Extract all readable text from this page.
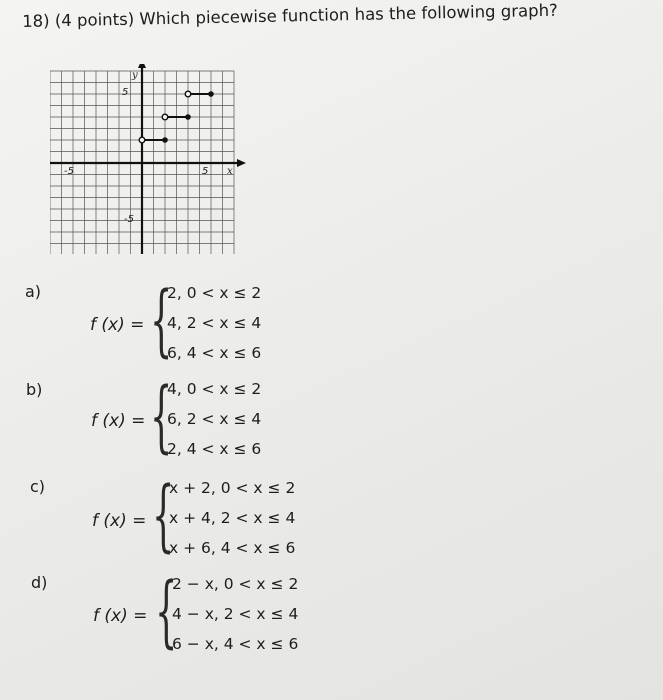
18) (4 points) Which piecewise function has the following graph?
y
x
5
-5
-5	5
a)
f (x) = {
2, 0 < x ≤ 2
4, 2 < x ≤ 4
6, 4 < x ≤ 6
b)
f (x) = {
4, 0 < x ≤ 2
6, 2 < x ≤ 4
2, 4 < x ≤ 6
c)
f (x) = {
x + 2, 0 < x ≤ 2
x + 4, 2 < x ≤ 4
x + 6, 4 < x ≤ 6
d)
f (x) = {
2 − x, 0 < x ≤ 2
4 − x, 2 < x ≤ 4
6 − x, 4 < x ≤ 6
